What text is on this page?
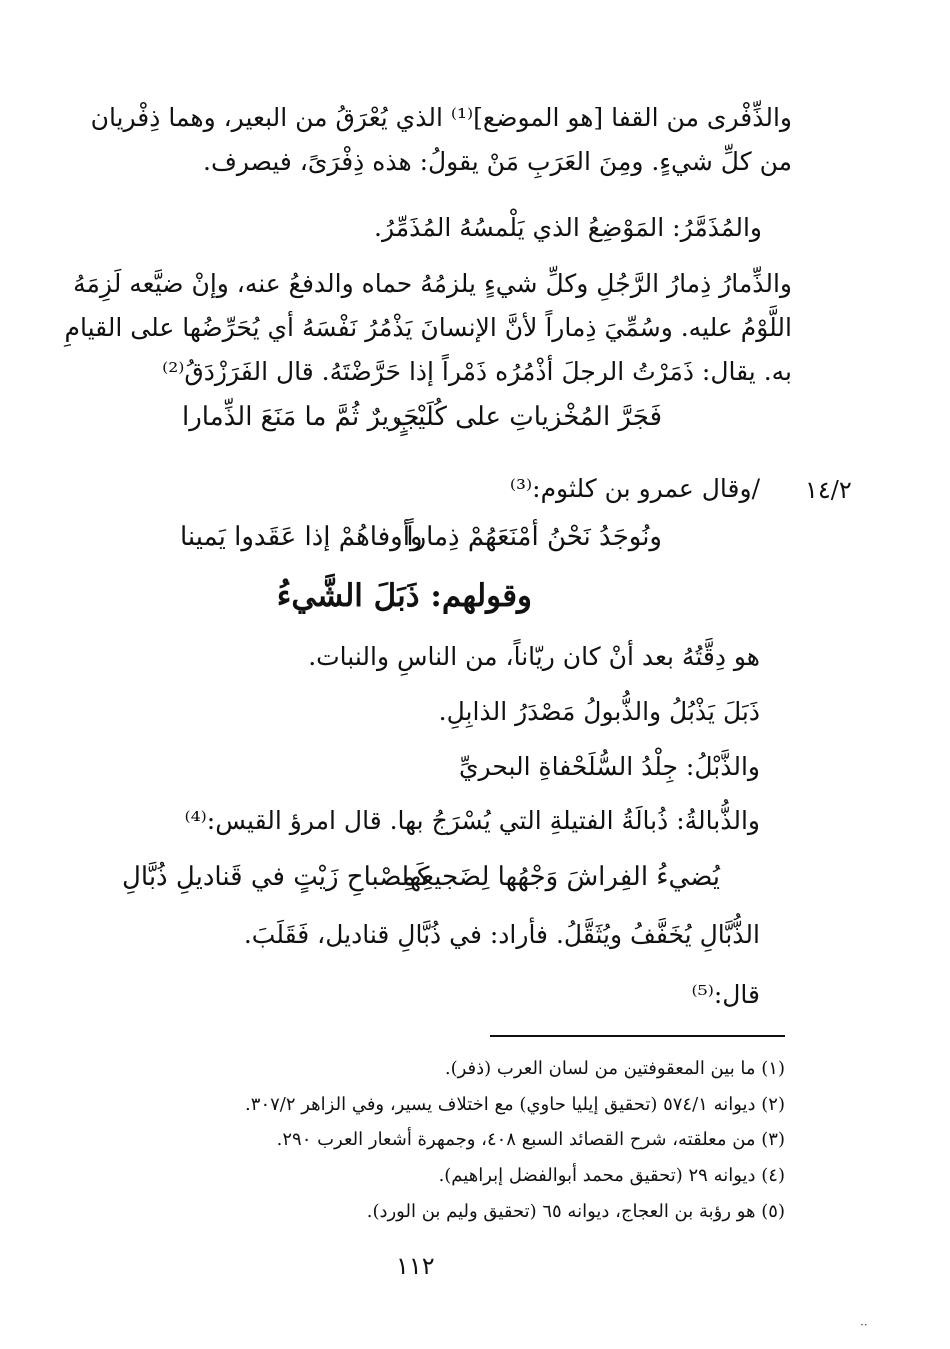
والذِّفْرى من القفا [هو الموضع]⁽¹⁾ الذي يُعْرَقُ من البعير، وهما ذِفْريان من كلِّ شيءٍ. ومِنَ العَرَبِ مَنْ يقولُ: هذه ذِفْرَىً، فيصرف.
والمُذَمَّرُ: المَوْضِعُ الذي يَلْمسُهُ المُذَمِّرُ.
والذِّمارُ ذِمارُ الرَّجُلِ وكلِّ شيءٍ يلزمُهُ حماه والدفعُ عنه، وإنْ ضيَّعه لَزِمَهُ اللَّوْمُ عليه. وسُمِّيَ ذِماراً لأنَّ الإنسانَ يَذْمُرُ نَفْسَهُ أي يُحَرِّضُها على القيامِ به. يقال: ذَمَرْتُ الرجلَ أذْمُرُه ذَمْراً إذا حَرَّضْتَهُ. قال الفَرَزْدَقُ⁽²⁾
فَجَرَّ المُخْزياتِ على كُلَيْبٍ
جَريرٌ ثُمَّ ما مَنَعَ الذِّمارا
١٤/٢
/وقال عمرو بن كلثوم:⁽³⁾
ونُوجَدُ نَحْنُ أمْنَعَهُمْ ذِماراً
وأوفاهُمْ إذا عَقَدوا يَمينا
وقولهم: ذَبَلَ الشَّيءُ
هو دِقَّتُهُ بعد أنْ كان ريّاناً، من الناسِ والنبات.
ذَبَلَ يَذْبُلُ والذُّبولُ مَصْدَرُ الذابِلِ.
والذَّبْلُ: جِلْدُ السُّلَحْفاةِ البحريِّ
والذُّبالةُ: ذُبالَةُ الفتيلةِ التي يُسْرَجُ بها. قال امرؤ القيس:⁽⁴⁾
يُضيءُ الفِراشَ وَجْهُها لِضَجيعِها
كَمِصْباحِ زَيْتٍ في قَناديلِ ذُبَّالِ
الذُّبَّالِ يُخَفَّفُ ويُثَقَّلُ. فأراد: في ذُبَّالِ قناديل، فَقَلَبَ.
قال:⁽⁵⁾
(١) ما بين المعقوفتين من لسان العرب (ذفر).
(٢) ديوانه ٥٧٤/١ (تحقيق إيليا حاوي) مع اختلاف يسير، وفي الزاهر ٣٠٧/٢.
(٣) من معلقته، شرح القصائد السبع ٤٠٨، وجمهرة أشعار العرب ٢٩٠.
(٤) ديوانه ٢٩ (تحقيق محمد أبوالفضل إبراهيم).
(٥) هو رؤبة بن العجاج، ديوانه ٦٥ (تحقيق وليم بن الورد).
١١٢
··
